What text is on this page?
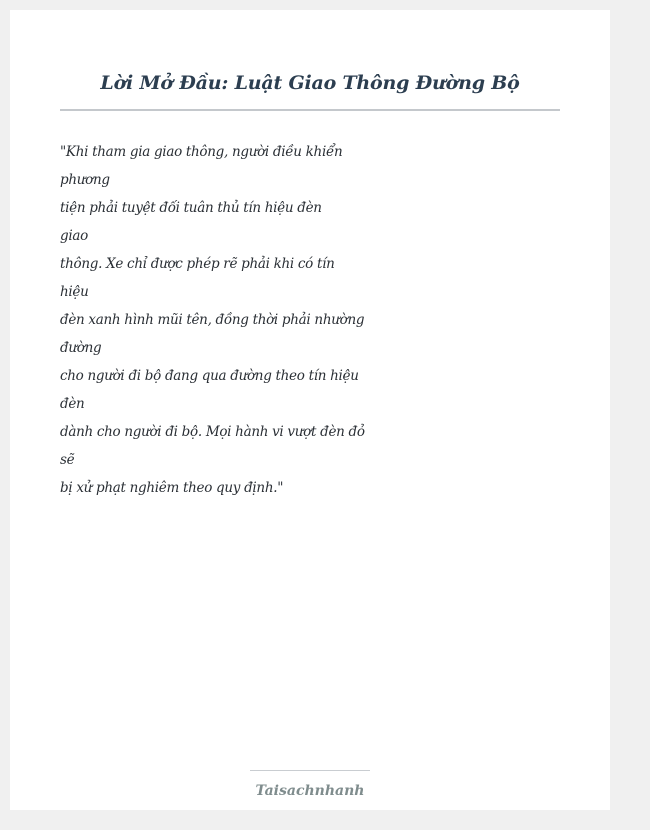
Lời Mở Đầu: Luật Giao Thông Đường Bộ
"Khi tham gia giao thông, người điều khiển
phương
tiện phải tuyệt đối tuân thủ tín hiệu đèn
giao
thông. Xe chỉ được phép rẽ phải khi có tín
hiệu
đèn xanh hình mũi tên, đồng thời phải nhường
đường
cho người đi bộ đang qua đường theo tín hiệu
đèn
dành cho người đi bộ. Mọi hành vi vượt đèn đỏ
sẽ
bị xử phạt nghiêm theo quy định."
Taisachnhanh
